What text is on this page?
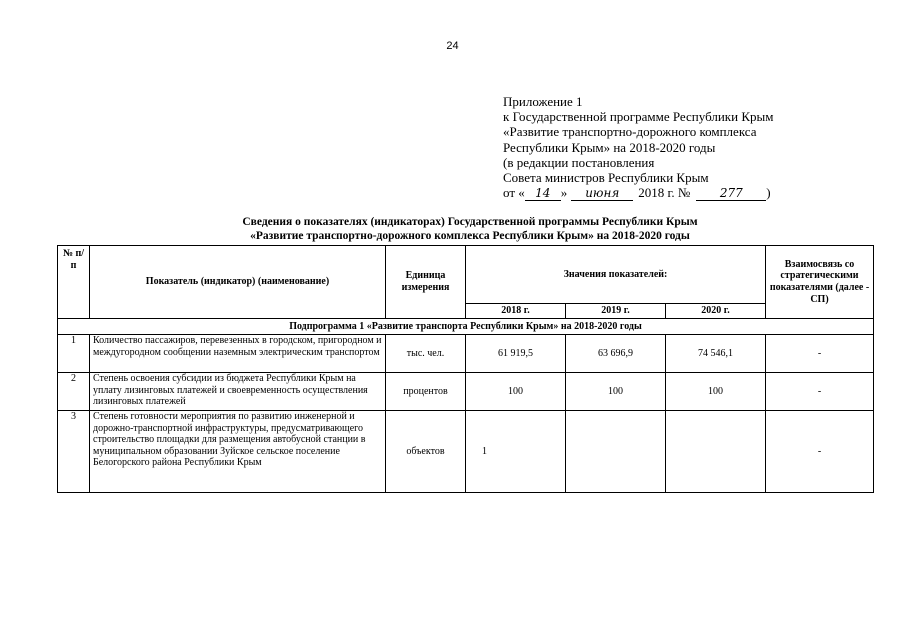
24
Приложение 1
к Государственной программе Республики Крым
«Развитие транспортно-дорожного комплекса
Республики Крым» на 2018-2020 годы
(в редакции постановления
Совета министров Республики Крым
от « 14 »	июня	2018 г. №	277	)
Сведения о показателях (индикаторах) Государственной программы Республики Крым
«Развитие транспортно-дорожного комплекса Республики Крым» на 2018-2020 годы
№ п/п	Показатель (индикатор) (наименование)	Единица измерения	Значения показателей:			Взаимосвязь со стратегическими показателями (далее - СП)
			2018 г.	2019 г.	2020 г.	
Подпрограмма 1 «Развитие транспорта Республики Крым» на 2018-2020 годы						
1	Количество пассажиров, перевезенных в городском, пригородном и междугородном сообщении наземным электрическим транспортом	тыс. чел.	61 919,5	63 696,9	74 546,1	-
2	Степень освоения субсидии из бюджета Республики Крым на уплату лизинговых платежей и своевременность осуществления лизинговых платежей	процентов	100	100	100	-
3	Степень готовности мероприятия по развитию инженерной и дорожно-транспортной инфраструктуры, предусматривающего строительство площадки для размещения автобусной станции в муниципальном образовании Зуйское сельское поселение Белогорского района Республики Крым	объектов	1			-
